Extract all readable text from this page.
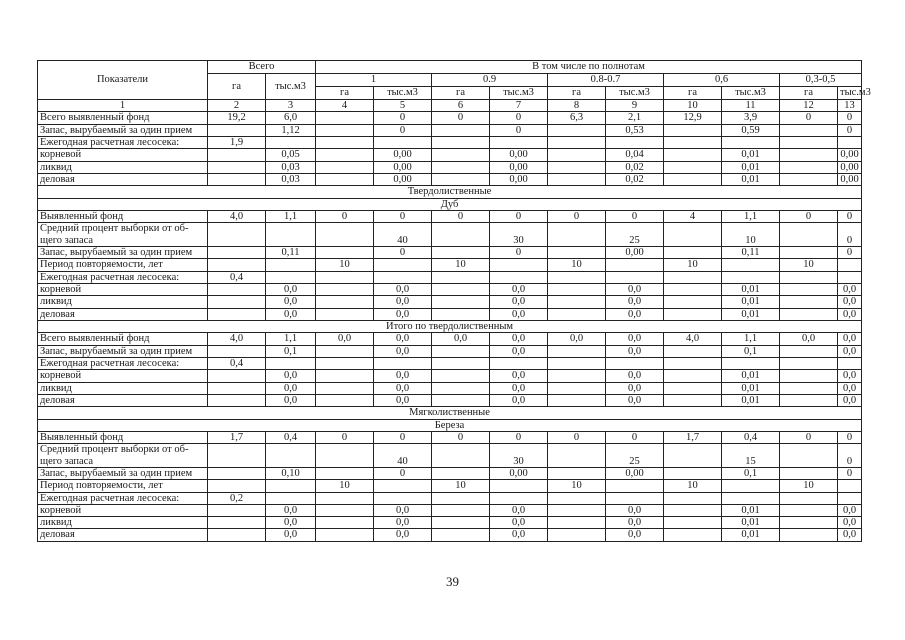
Показатели	Всего		В том числе по полнотам									
	га	тыс.м3	1		0.9		0.8-0.7		0,6		0,3-0,5	
			га	тыс.м3	га	тыс.м3	га	тыс.м3	га	тыс.м3	га	тыс.м3
1	2	3	4	5	6	7	8	9	10	11	12	13
Всего выявленный фонд	19,2	6,0		0	0	0	6,3	2,1	12,9	3,9	0	0
Запас, вырубаемый за один прием		1,12		0		0		0,53		0,59		0
Ежегодная расчетная лесосека:	1,9											
корневой		0,05		0,00		0,00		0,04		0,01		0,00
ликвид		0,03		0,00		0,00		0,02		0,01		0,00
деловая		0,03		0,00		0,00		0,02		0,01		0,00
Твердолиственные												
Дуб												
Выявленный фонд	4,0	1,1	0	0	0	0	0	0	4	1,1	0	0
Средний процент выборки от об-щего запаса				40		30		25		10		0
Запас, вырубаемый за один прием		0,11		0		0		0,00		0,11		0
Период повторяемости, лет			10		10		10		10		10	
Ежегодная расчетная лесосека:	0,4											
корневой		0,0		0,0		0,0		0,0		0,01		0,0
ликвид		0,0		0,0		0,0		0,0		0,01		0,0
деловая		0,0		0,0		0,0		0,0		0,01		0,0
Итого по твердолиственным												
Всего выявленный фонд	4,0	1,1	0,0	0,0	0,0	0,0	0,0	0,0	4,0	1,1	0,0	0,0
Запас, вырубаемый за один прием		0,1		0,0		0,0		0,0		0,1		0,0
Ежегодная расчетная лесосека:	0,4											
корневой		0,0		0,0		0,0		0,0		0,01		0,0
ликвид		0,0		0,0		0,0		0,0		0,01		0,0
деловая		0,0		0,0		0,0		0,0		0,01		0,0
Мягколиственные												
Береза												
Выявленный фонд	1,7	0,4	0	0	0	0	0	0	1,7	0,4	0	0
Средний процент выборки от об-щего запаса				40		30		25		15		0
Запас, вырубаемый за один прием		0,10		0		0,00		0,00		0,1		0
Период повторяемости, лет			10		10		10		10		10	
Ежегодная расчетная лесосека:	0,2											
корневой		0,0		0,0		0,0		0,0		0,01		0,0
ликвид		0,0		0,0		0,0		0,0		0,01		0,0
деловая		0,0		0,0		0,0		0,0		0,01		0,0
39
